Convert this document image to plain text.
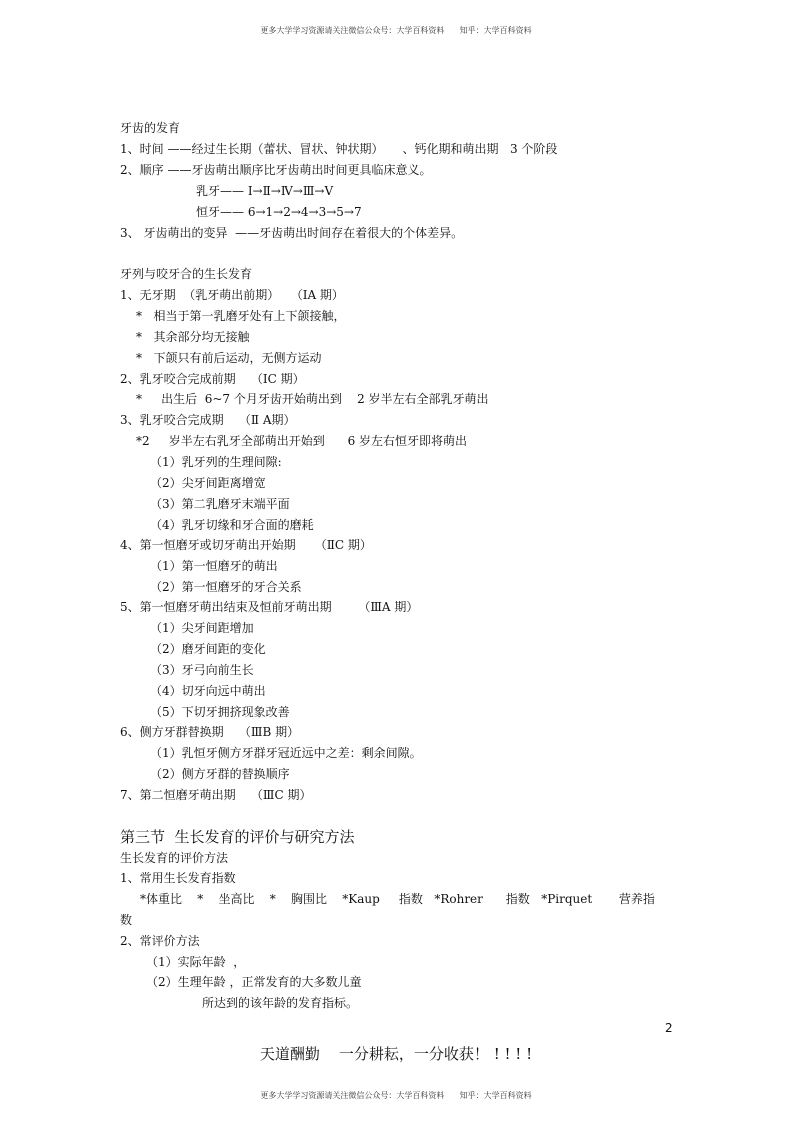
更多大学学习资源请关注微信公众号：大学百科资料      知乎：大学百科资料
牙齿的发育
1、时间 ——经过生长期（蕾状、冒状、钟状期）     、钙化期和萌出期   3 个阶段
2、顺序 ——牙齿萌出顺序比牙齿萌出时间更具临床意义。
乳牙—— Ⅰ→Ⅱ→Ⅳ→Ⅲ→Ⅴ
恒牙—— 6→1→2→4→3→5→7
3、 牙齿萌出的变异  ——牙齿萌出时间存在着很大的个体差异。
牙列与咬牙合的生长发育
1、无牙期  （乳牙萌出前期）   （ⅠA 期）
*   相当于第一乳磨牙处有上下颌接触，
*   其余部分均无接触
*   下颌只有前后运动，无侧方运动
2、乳牙咬合完成前期    （ⅠC 期）
*     出生后  6~7 个月牙齿开始萌出到    2 岁半左右全部乳牙萌出
3、乳牙咬合完成期    （Ⅱ A期）
*2     岁半左右乳牙全部萌出开始到      6 岁左右恒牙即将萌出
（1）乳牙列的生理间隙:
（2）尖牙间距离增宽
（3）第二乳磨牙末端平面
（4）乳牙切缘和牙合面的磨耗
4、第一恒磨牙或切牙萌出开始期     （ⅡC 期）
（1）第一恒磨牙的萌出
（2）第一恒磨牙的牙合关系
5、第一恒磨牙萌出结束及恒前牙萌出期       （ⅢA 期）
（1）尖牙间距增加
（2）磨牙间距的变化
（3）牙弓向前生长
（4）切牙向远中萌出
（5）下切牙拥挤现象改善
6、侧方牙群替换期    （ⅢB 期）
（1）乳恒牙侧方牙群牙冠近远中之差：剩余间隙。
（2）侧方牙群的替换顺序
7、第二恒磨牙萌出期    （ⅢC 期）
第三节  生长发育的评价与研究方法
生长发育的评价方法
1、常用生长发育指数
*体重比    *    坐高比    *    胸围比    *Kaup     指数   *Rohrer      指数   *Pirquet       营养指
数
2、常评价方法
（1）实际年龄  ，
（2）生理年龄 ，正常发育的大多数儿童
所达到的该年龄的发育指标。
2
天道酬勤    一分耕耘，一分收获！ ! ! ! !
更多大学学习资源请关注微信公众号：大学百科资料      知乎：大学百科资料
